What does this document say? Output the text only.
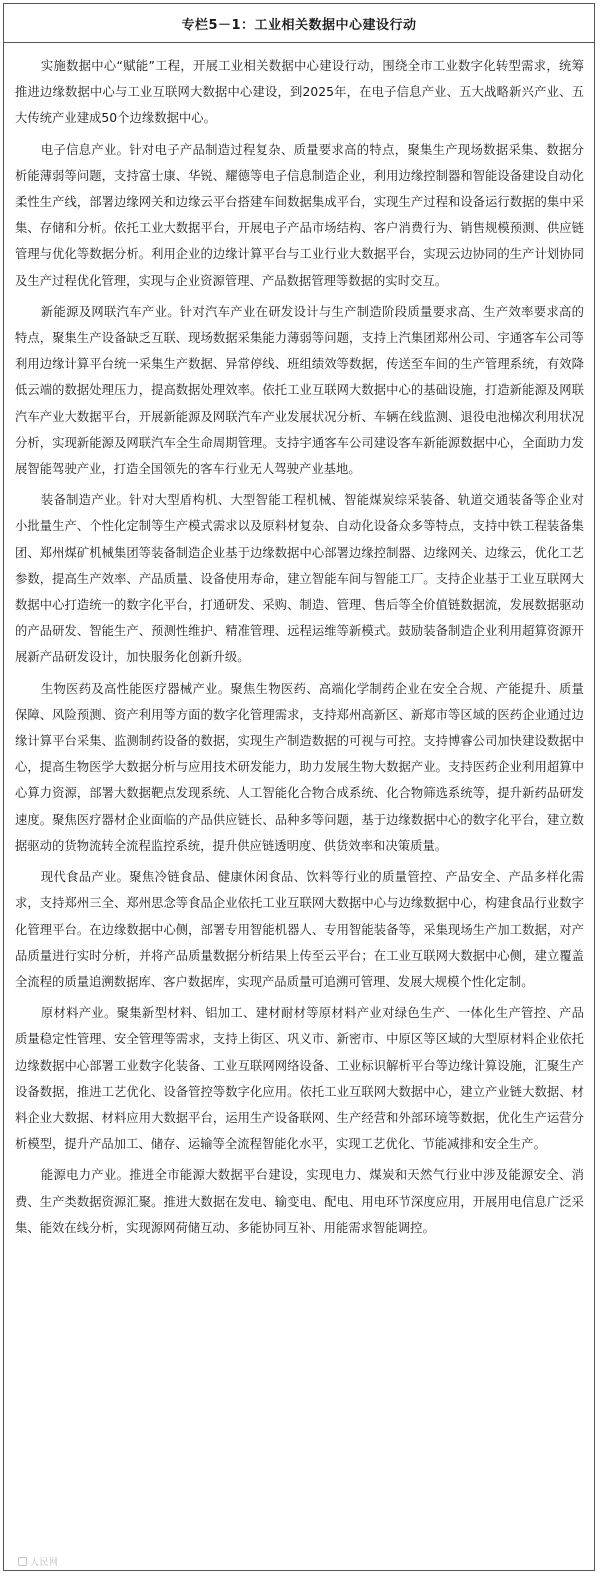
专栏5－1：工业相关数据中心建设行动

实施数据中心“赋能”工程，开展工业相关数据中心建设行动，围绕全市工业数字化转型需求，统筹推进边缘数据中心与工业互联网大数据中心建设，到2025年，在电子信息产业、五大战略新兴产业、五大传统产业建成50个边缘数据中心。

电子信息产业。针对电子产品制造过程复杂、质量要求高的特点，聚集生产现场数据采集、数据分析能薄弱等问题，支持富士康、华锐、耀德等电子信息制造企业，利用边缘控制器和智能设备建设自动化柔性生产线，部署边缘网关和边缘云平台搭建车间数据集成平台，实现生产过程和设备运行数据的集中采集、存储和分析。依托工业大数据平台，开展电子产品市场结构、客户消费行为、销售规模预测、供应链管理与优化等数据分析。利用企业的边缘计算平台与工业行业大数据平台，实现云边协同的生产计划协同及生产过程优化管理，实现与企业资源管理、产品数据管理等数据的实时交互。

新能源及网联汽车产业。针对汽车产业在研发设计与生产制造阶段质量要求高、生产效率要求高的特点，聚集生产设备缺乏互联、现场数据采集能力薄弱等问题，支持上汽集团郑州公司、宇通客车公司等利用边缘计算平台统一采集生产数据、异常停线、班组绩效等数据，传送至车间的生产管理系统，有效降低云端的数据处理压力，提高数据处理效率。依托工业互联网大数据中心的基础设施，打造新能源及网联汽车产业大数据平台，开展新能源及网联汽车产业发展状况分析、车辆在线监测、退役电池梯次利用状况分析，实现新能源及网联汽车全生命周期管理。支持宇通客车公司建设客车新能源数据中心，全面助力发展智能驾驶产业，打造全国领先的客车行业无人驾驶产业基地。

装备制造产业。针对大型盾构机、大型智能工程机械、智能煤炭综采装备、轨道交通装备等企业对小批量生产、个性化定制等生产模式需求以及原料材复杂、自动化设备众多等特点，支持中铁工程装备集团、郑州煤矿机械集团等装备制造企业基于边缘数据中心部署边缘控制器、边缘网关、边缘云，优化工艺参数，提高生产效率、产品质量、设备使用寿命，建立智能车间与智能工厂。支持企业基于工业互联网大数据中心打造统一的数字化平台，打通研发、采购、制造、管理、售后等全价值链数据流，发展数据驱动的产品研发、智能生产、预测性维护、精准管理、远程运维等新模式。鼓励装备制造企业利用超算资源开展新产品研发设计，加快服务化创新升级。

生物医药及高性能医疗器械产业。聚焦生物医药、高端化学制药企业在安全合规、产能提升、质量保障、风险预测、资产利用等方面的数字化管理需求，支持郑州高新区、新郑市等区域的医药企业通过边缘计算平台采集、监测制药设备的数据，实现生产制造数据的可视与可控。支持博睿公司加快建设数据中心，提高生物医学大数据分析与应用技术研发能力，助力发展生物大数据产业。支持医药企业利用超算中心算力资源，部署大数据靶点发现系统、人工智能化合物合成系统、化合物筛选系统等，提升新药品研发速度。聚焦医疗器材企业面临的产品供应链长、品种多等问题，基于边缘数据中心的数字化平台，建立数据驱动的货物流转全流程监控系统，提升供应链透明度、供货效率和决策质量。

现代食品产业。聚焦冷链食品、健康休闲食品、饮料等行业的质量管控、产品安全、产品多样化需求，支持郑州三全、郑州思念等食品企业依托工业互联网大数据中心与边缘数据中心，构建食品行业数字化管理平台。在边缘数据中心侧，部署专用智能机器人、专用智能装备等，采集现场生产加工数据，对产品质量进行实时分析，并将产品质量数据分析结果上传至云平台；在工业互联网大数据中心侧，建立覆盖全流程的质量追溯数据库、客户数据库，实现产品质量可追溯可管理、发展大规模个性化定制。

原材料产业。聚集新型材料、铝加工、建材耐材等原材料产业对绿色生产、一体化生产管控、产品质量稳定性管理、安全管理等需求，支持上街区、巩义市、新密市、中原区等区域的大型原材料企业依托边缘数据中心部署工业数字化装备、工业互联网网络设备、工业标识解析平台等边缘计算设施，汇聚生产设备数据，推进工艺优化、设备管控等数字化应用。依托工业互联网大数据中心，建立产业链大数据、材料企业大数据、材料应用大数据平台，运用生产设备联网、生产经营和外部环境等数据，优化生产运营分析模型，提升产品加工、储存、运输等全流程智能化水平，实现工艺优化、节能减排和安全生产。

能源电力产业。推进全市能源大数据平台建设，实现电力、煤炭和天然气行业中涉及能源安全、消费、生产类数据资源汇聚。推进大数据在发电、输变电、配电、用电环节深度应用，开展用电信息广泛采集、能效在线分析，实现源网荷储互动、多能协同互补、用能需求智能调控。

人民网
